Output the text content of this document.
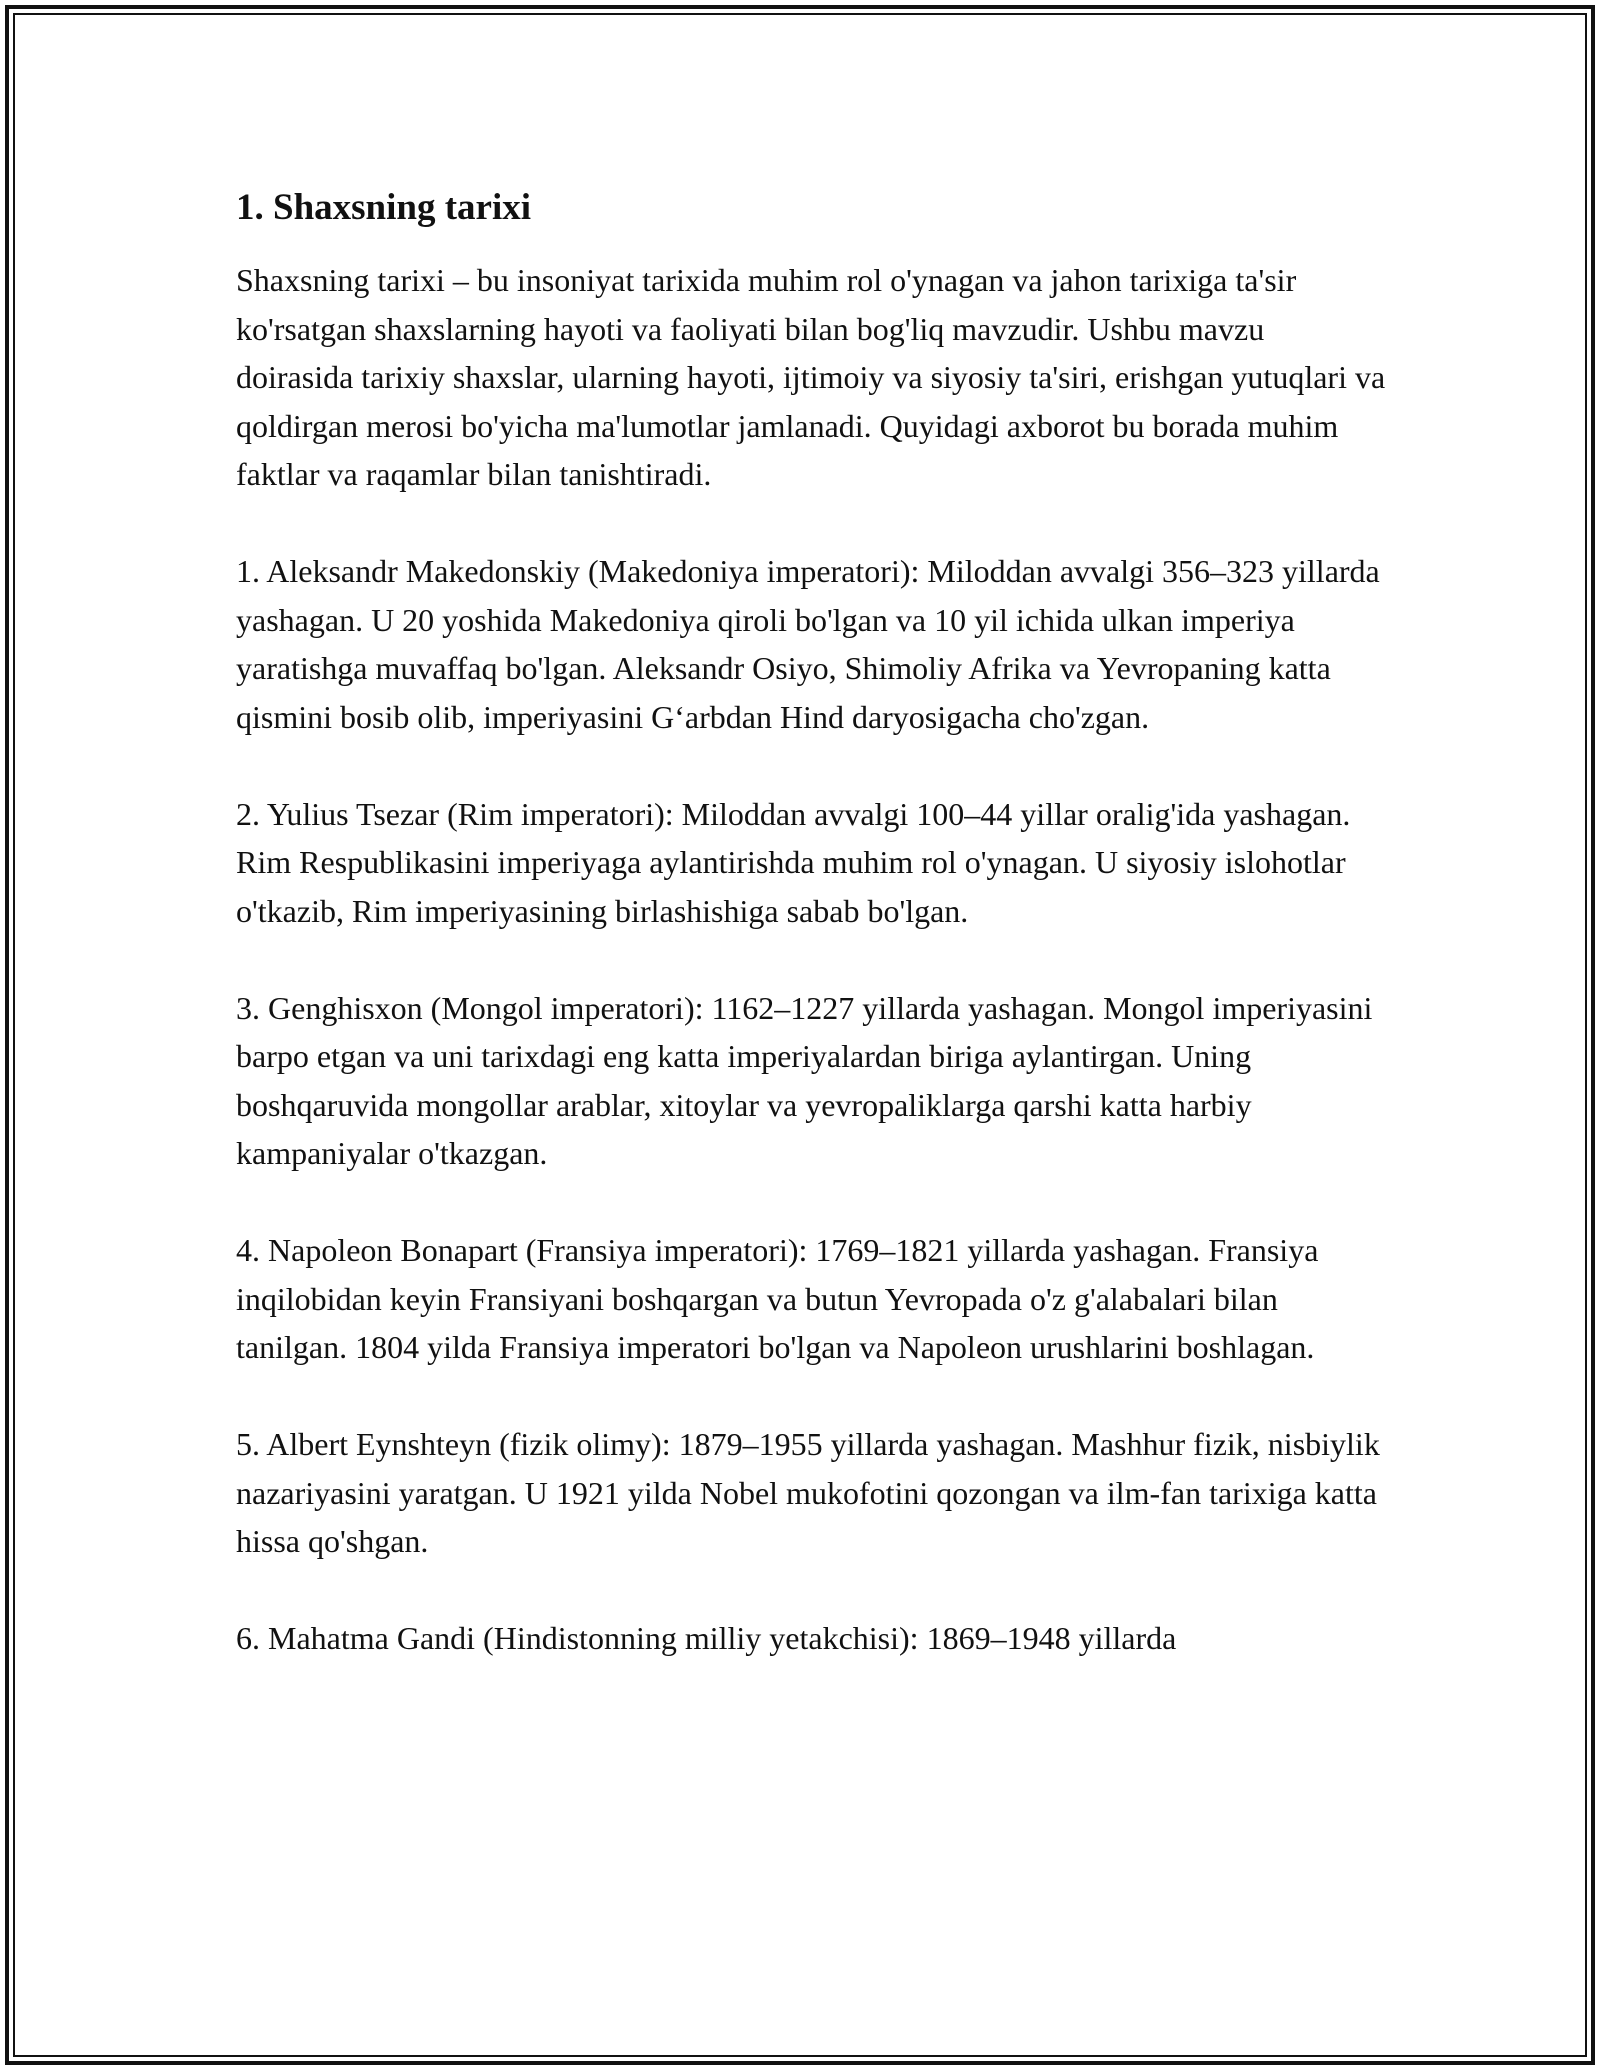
1. Shaxsning tarixi

Shaxsning tarixi – bu insoniyat tarixida muhim rol o'ynagan va jahon tarixiga ta'sir ko'rsatgan shaxslarning hayoti va faoliyati bilan bog'liq mavzudir. Ushbu mavzu doirasida tarixiy shaxslar, ularning hayoti, ijtimoiy va siyosiy ta'siri, erishgan yutuqlari va qoldirgan merosi bo'yicha ma'lumotlar jamlanadi. Quyidagi axborot bu borada muhim faktlar va raqamlar bilan tanishtiradi.

1. Aleksandr Makedonskiy (Makedoniya imperatori): Miloddan avvalgi 356–323 yillarda yashagan. U 20 yoshida Makedoniya qiroli bo'lgan va 10 yil ichida ulkan imperiya yaratishga muvaffaq bo'lgan. Aleksandr Osiyo, Shimoliy Afrika va Yevropaning katta qismini bosib olib, imperiyasini G‘arbdan Hind daryosigacha cho'zgan.

2. Yulius Tsezar (Rim imperatori): Miloddan avvalgi 100–44 yillar oralig'ida yashagan. Rim Respublikasini imperiyaga aylantirishda muhim rol o'ynagan. U siyosiy islohotlar o'tkazib, Rim imperiyasining birlashishiga sabab bo'lgan.

3. Genghisxon (Mongol imperatori): 1162–1227 yillarda yashagan. Mongol imperiyasini barpo etgan va uni tarixdagi eng katta imperiyalardan biriga aylantirgan. Uning boshqaruvida mongollar arablar, xitoylar va yevropaliklarga qarshi katta harbiy kampaniyalar o'tkazgan.

4. Napoleon Bonapart (Fransiya imperatori): 1769–1821 yillarda yashagan. Fransiya inqilobidan keyin Fransiyani boshqargan va butun Yevropada o'z g'alabalari bilan tanilgan. 1804 yilda Fransiya imperatori bo'lgan va Napoleon urushlarini boshlagan.

5. Albert Eynshteyn (fizik olimy): 1879–1955 yillarda yashagan. Mashhur fizik, nisbiylik nazariyasini yaratgan. U 1921 yilda Nobel mukofotini qozongan va ilm-fan tarixiga katta hissa qo'shgan.

6. Mahatma Gandi (Hindistonning milliy yetakchisi): 1869–1948 yillarda
